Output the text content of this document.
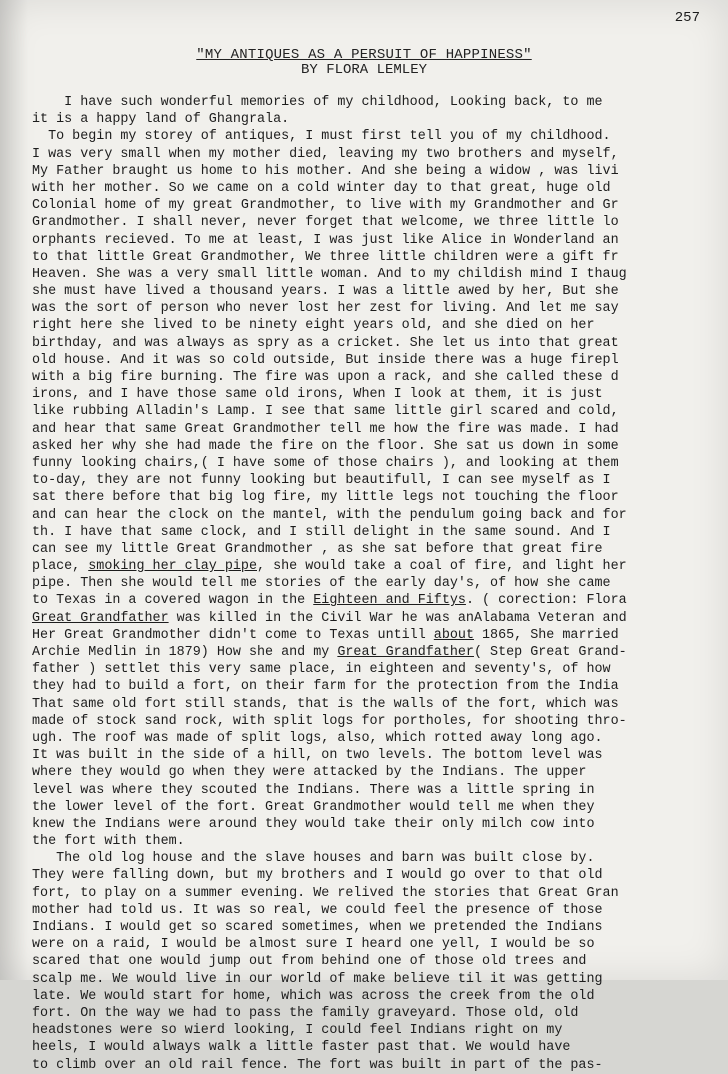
257
"MY ANTIQUES AS A PERSUIT OF HAPPINESS"
BY FLORA LEMLEY
I have such wonderful memories of my childhood, Looking back, to me
it is a happy land of Ghangrala.
To begin my storey of antiques, I must first tell you of my childhood.
I was very small when my mother died, leaving my two brothers and myself,
My Father braught us home to his mother. And she being a widow , was livi
with her mother. So we came on a cold winter day to that great, huge old
Colonial home of my great Grandmother, to live with my Grandmother and Gr
Grandmother. I shall never, never forget that welcome, we three little lo
orphants recieved. To me at least, I was just like Alice in Wonderland an
to that little Great Grandmother, We three little children were a gift fr
Heaven. She was a very small little woman. And to my childish mind I thaug
she must have lived a thousand years. I was a little awed by her, But she
was the sort of person who never lost her zest for living. And let me say
right here she lived to be ninety eight years old, and she died on her
birthday, and was always as spry as a cricket. She let us into that great
old house. And it was so cold outside, But inside there was a huge firepl
with a big fire burning. The fire was upon a rack, and she called these d
irons, and I have those same old irons, When I look at them, it is just
like rubbing Alladin's Lamp. I see that same little girl scared and cold,
and hear that same Great Grandmother tell me how the fire was made. I had
asked her why she had made the fire on the floor. She sat us down in some
funny looking chairs,( I have some of those chairs ), and looking at them
to-day, they are not funny looking but beautifull, I can see myself as I
sat there before that big log fire, my little legs not touching the floor
and can hear the clock on the mantel, with the pendulum going back and for
th. I have that same clock, and I still delight in the same sound. And I
can see my little Great Grandmother , as she sat before that great fire
place, smoking her clay pipe, she would take a coal of fire, and light her
pipe. Then she would tell me stories of the early day's, of how she came
to Texas in a covered wagon in the Eighteen and Fiftys. ( corection: Flora
Great Grandfather was killed in the Civil War he was anAlabama Veteran and
Her Great Grandmother didn't come to Texas untill about 1865, She married
Archie Medlin in 1879) How she and my Great Grandfather( Step Great Grand-
father ) settlet this very same place, in eighteen and seventy's, of how
they had to build a fort, on their farm for the protection from the India
That same old fort still stands, that is the walls of the fort, which was
made of stock sand rock, with split logs for portholes, for shooting thro-
ugh. The roof was made of split logs, also, which rotted away long ago.
It was built in the side of a hill, on two levels. The bottom level was
where they would go when they were attacked by the Indians. The upper
level was where they scouted the Indians. There was a little spring in
the lower level of the fort. Great Grandmother would tell me when they
knew the Indians were around they would take their only milch cow into
the fort with them.
The old log house and the slave houses and barn was built close by.
They were falling down, but my brothers and I would go over to that old
fort, to play on a summer evening. We relived the stories that Great Gran
mother had told us. It was so real, we could feel the presence of those
Indians. I would get so scared sometimes, when we pretended the Indians
were on a raid, I would be almost sure I heard one yell, I would be so
scared that one would jump out from behind one of those old trees and
scalp me. We would live in our world of make believe til it was getting
late. We would start for home, which was across the creek from the old
fort. On the way we had to pass the family graveyard. Those old, old
headstones were so wierd looking, I could feel Indians right on my
heels, I would always walk a little faster past that. We would have
to climb over an old rail fence. The fort was built in part of the pas-
